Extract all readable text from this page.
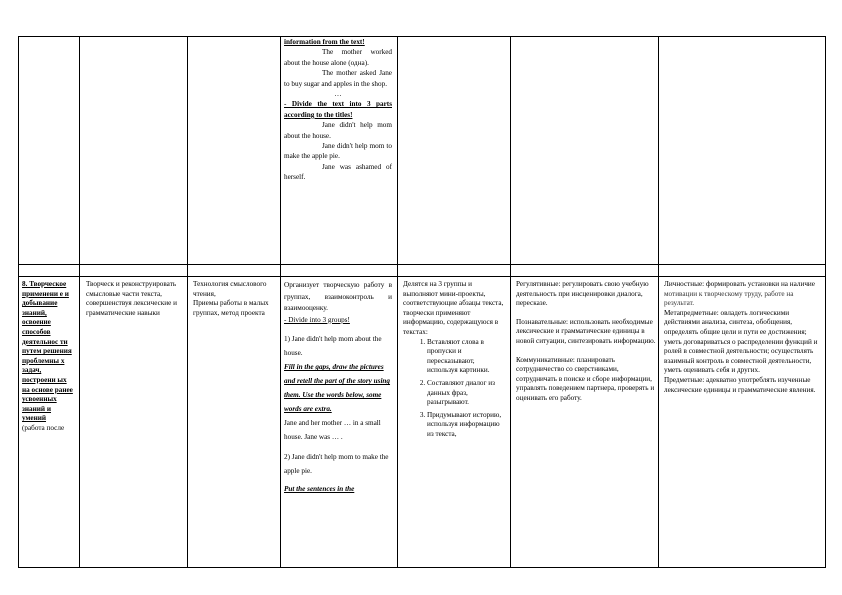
information from the text!

The mother worked about the house alone (одна).

The mother asked Jane to buy sugar and apples in the shop.

…

- Divide the text into 3 parts according to the titles!

Jane didn't help mom about the house.

Jane didn't help mom to make the apple pie.

Jane was ashamed of herself.

8. Творческое применени е и добывание знаний, освоение способов деятельнос ти путем решения проблемны х задач, построени ых на основе ранее усвоенных знаний и умений

(работа после

Творческ и реконструировать смысловые части текста, совершенствуя лексические и грамматические навыки

Технология смыслового чтения,

Приемы работы в малых группах, метод проекта

Организует творческую работу в группах, взаимоконтроль и взаимооценку.

- Divide into 3 groups!

1) Jane didn't help mom about the house.

Fill in the gaps, draw the pictures and retell the part of the story using them. Use the words below, some words are extra.

Jane and her mother … in a small house. Jane was … .

2) Jane didn't help mom to make the apple pie.

Put the sentences in the

Делятся на 3 группы и выполняют мини-проекты, соответствующие абзацы текста, творчески применяют информацию, содержащуюся в текстах:

1. Вставляют слова в пропуски и пересказывают, используя картинки.
2. Составляют диалог из данных фраз, разыгрывают.
3. Придумывают историю, используя информацию из текста,

Регулятивные: регулировать свою учебную деятельность при инсценировки диалога, пересказе.

Познавательные: использовать необходимые лексические и грамматические единицы в новой ситуации, синтезировать информацию.

Коммуникативные: планировать сотрудничество со сверстниками, сотрудничать в поиске и сборе информации, управлять поведением партнера, проверять и оценивать его работу.

Личностные: формировать установки на наличие мотивации к творческому труду, работе на результат.

Метапредметные: овладеть логическими действиями анализа, синтеза, обобщения, определять общие цели и пути ее достижения; уметь договариваться о распределении функций и ролей в совместной деятельности; осуществлять взаимный контроль в совместной деятельности, уметь оценивать себя и других.

Предметные: адекватно употреблять изученные лексические единицы и грамматические явления.
